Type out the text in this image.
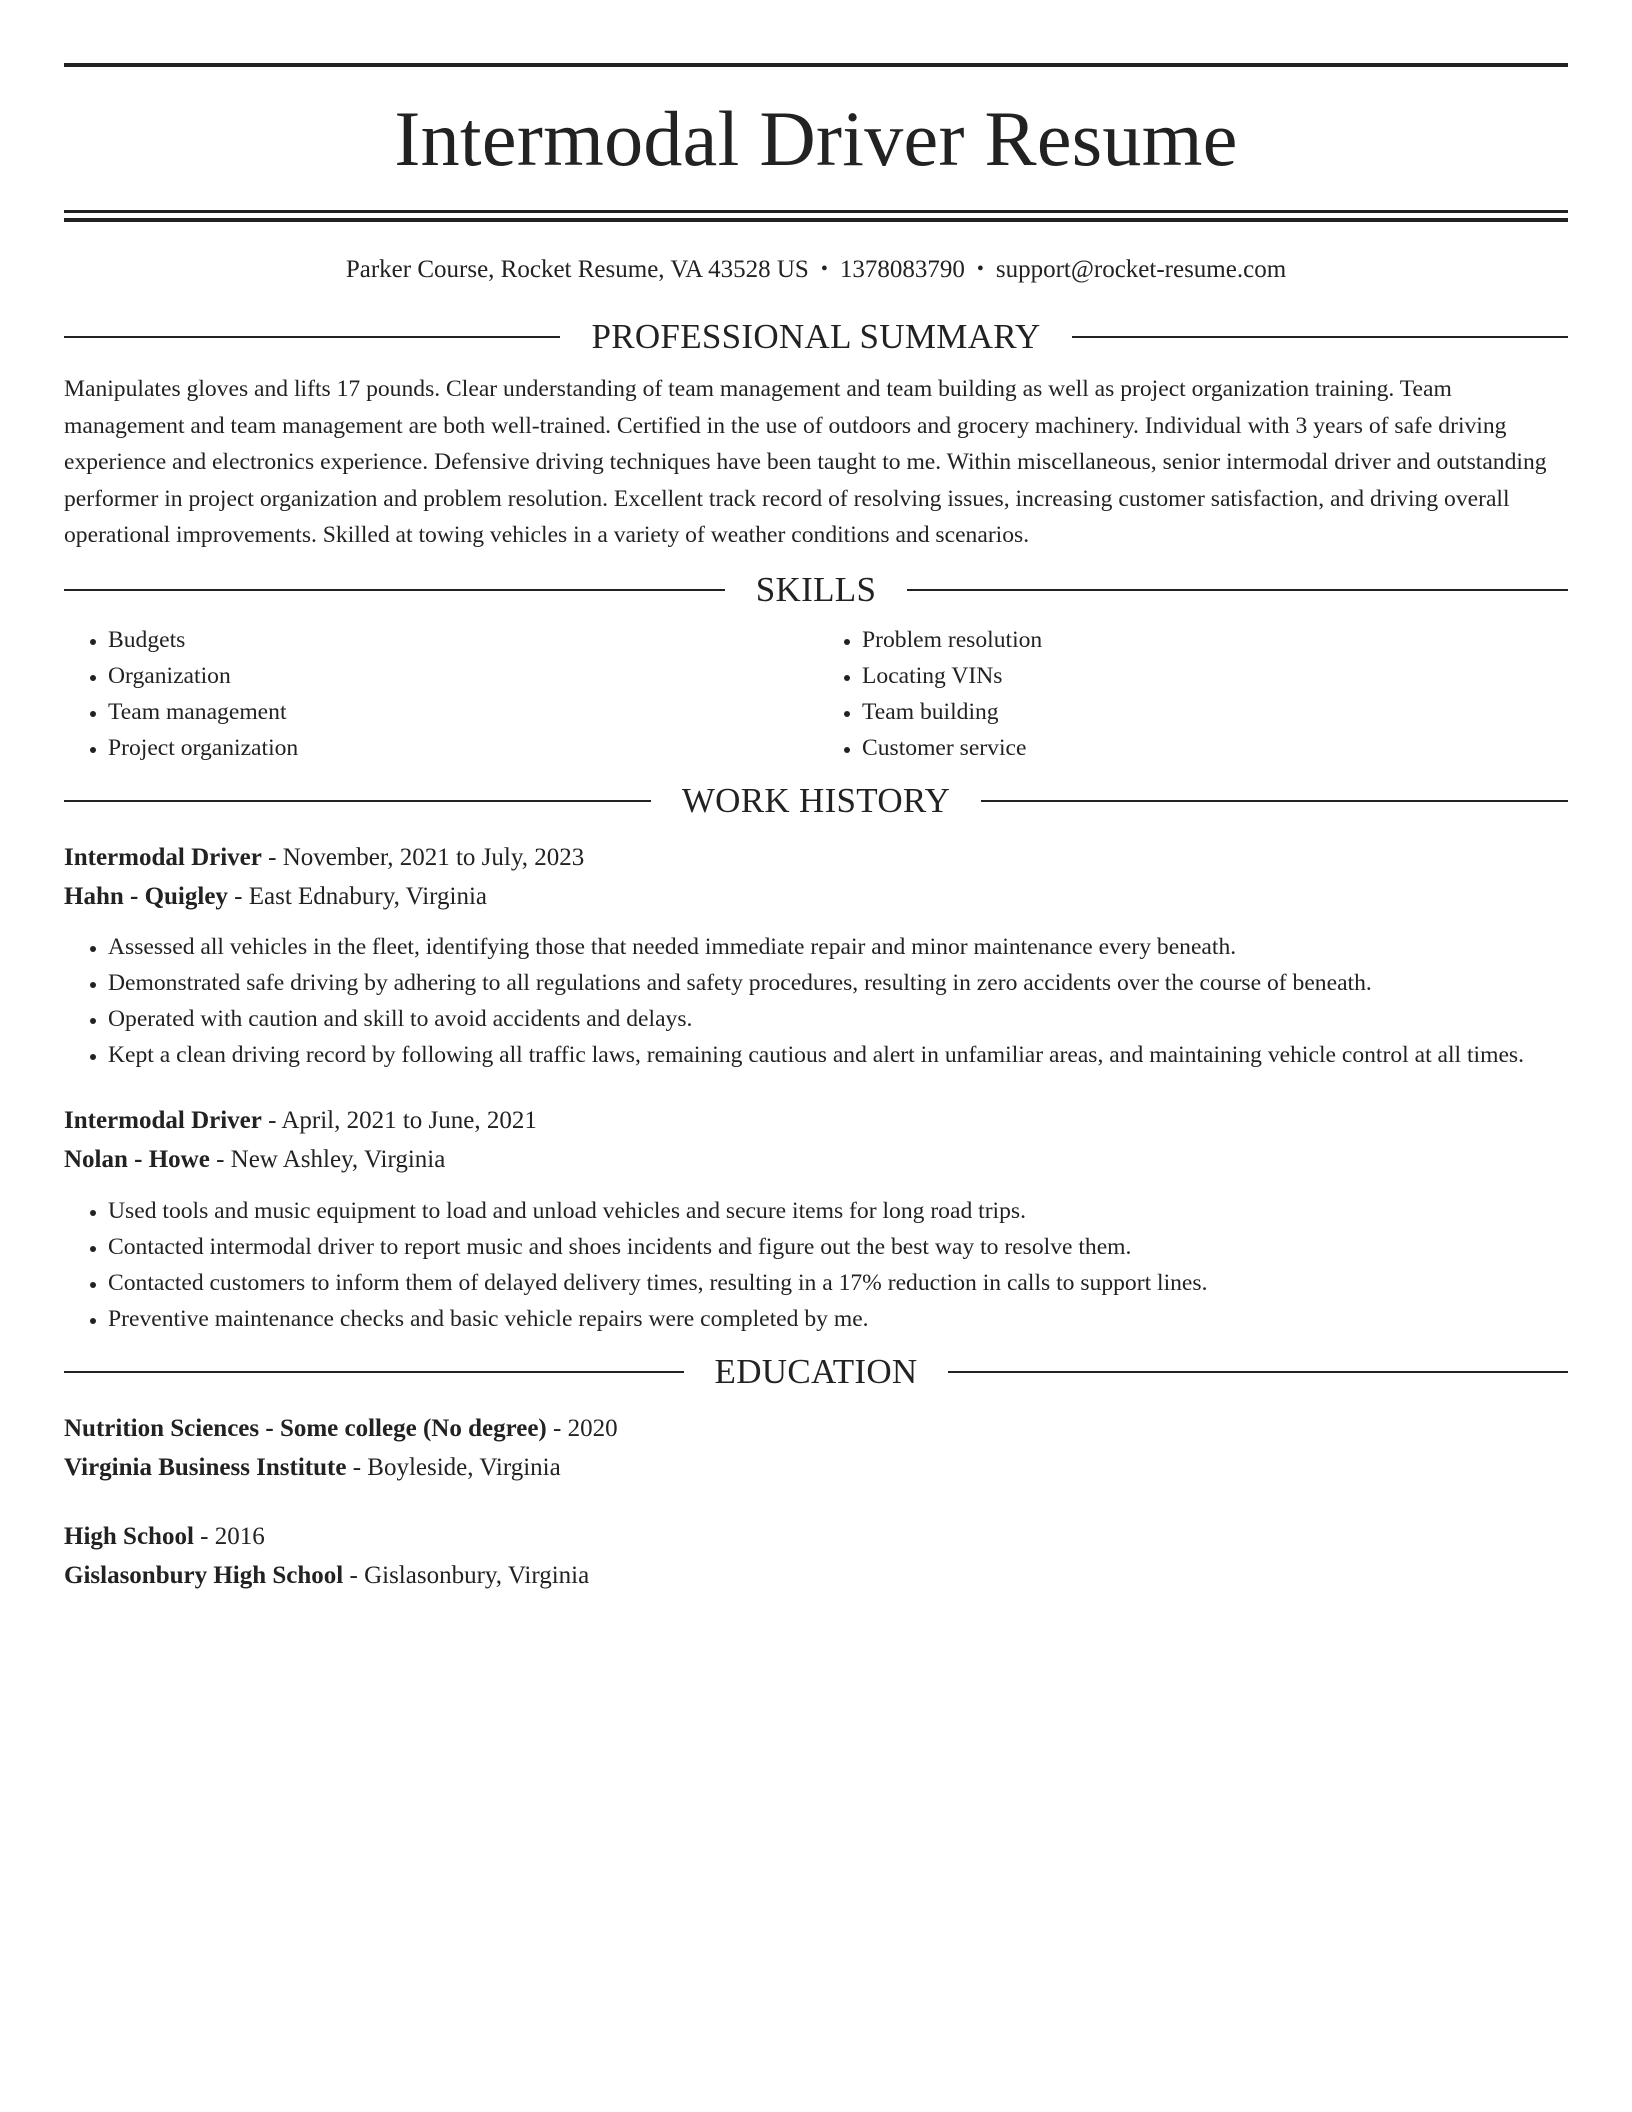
Intermodal Driver Resume
Parker Course, Rocket Resume, VA 43528 US • 1378083790 • support@rocket-resume.com
PROFESSIONAL SUMMARY
Manipulates gloves and lifts 17 pounds. Clear understanding of team management and team building as well as project organization training. Team management and team management are both well-trained. Certified in the use of outdoors and grocery machinery. Individual with 3 years of safe driving experience and electronics experience. Defensive driving techniques have been taught to me. Within miscellaneous, senior intermodal driver and outstanding performer in project organization and problem resolution. Excellent track record of resolving issues, increasing customer satisfaction, and driving overall operational improvements. Skilled at towing vehicles in a variety of weather conditions and scenarios.
SKILLS
• Budgets
• Organization
• Team management
• Project organization
• Problem resolution
• Locating VINs
• Team building
• Customer service
WORK HISTORY
Intermodal Driver - November, 2021 to July, 2023
Hahn - Quigley - East Ednabury, Virginia
• Assessed all vehicles in the fleet, identifying those that needed immediate repair and minor maintenance every beneath.
• Demonstrated safe driving by adhering to all regulations and safety procedures, resulting in zero accidents over the course of beneath.
• Operated with caution and skill to avoid accidents and delays.
• Kept a clean driving record by following all traffic laws, remaining cautious and alert in unfamiliar areas, and maintaining vehicle control at all times.
Intermodal Driver - April, 2021 to June, 2021
Nolan - Howe - New Ashley, Virginia
• Used tools and music equipment to load and unload vehicles and secure items for long road trips.
• Contacted intermodal driver to report music and shoes incidents and figure out the best way to resolve them.
• Contacted customers to inform them of delayed delivery times, resulting in a 17% reduction in calls to support lines.
• Preventive maintenance checks and basic vehicle repairs were completed by me.
EDUCATION
Nutrition Sciences - Some college (No degree) - 2020
Virginia Business Institute - Boyleside, Virginia
High School - 2016
Gislasonbury High School - Gislasonbury, Virginia
